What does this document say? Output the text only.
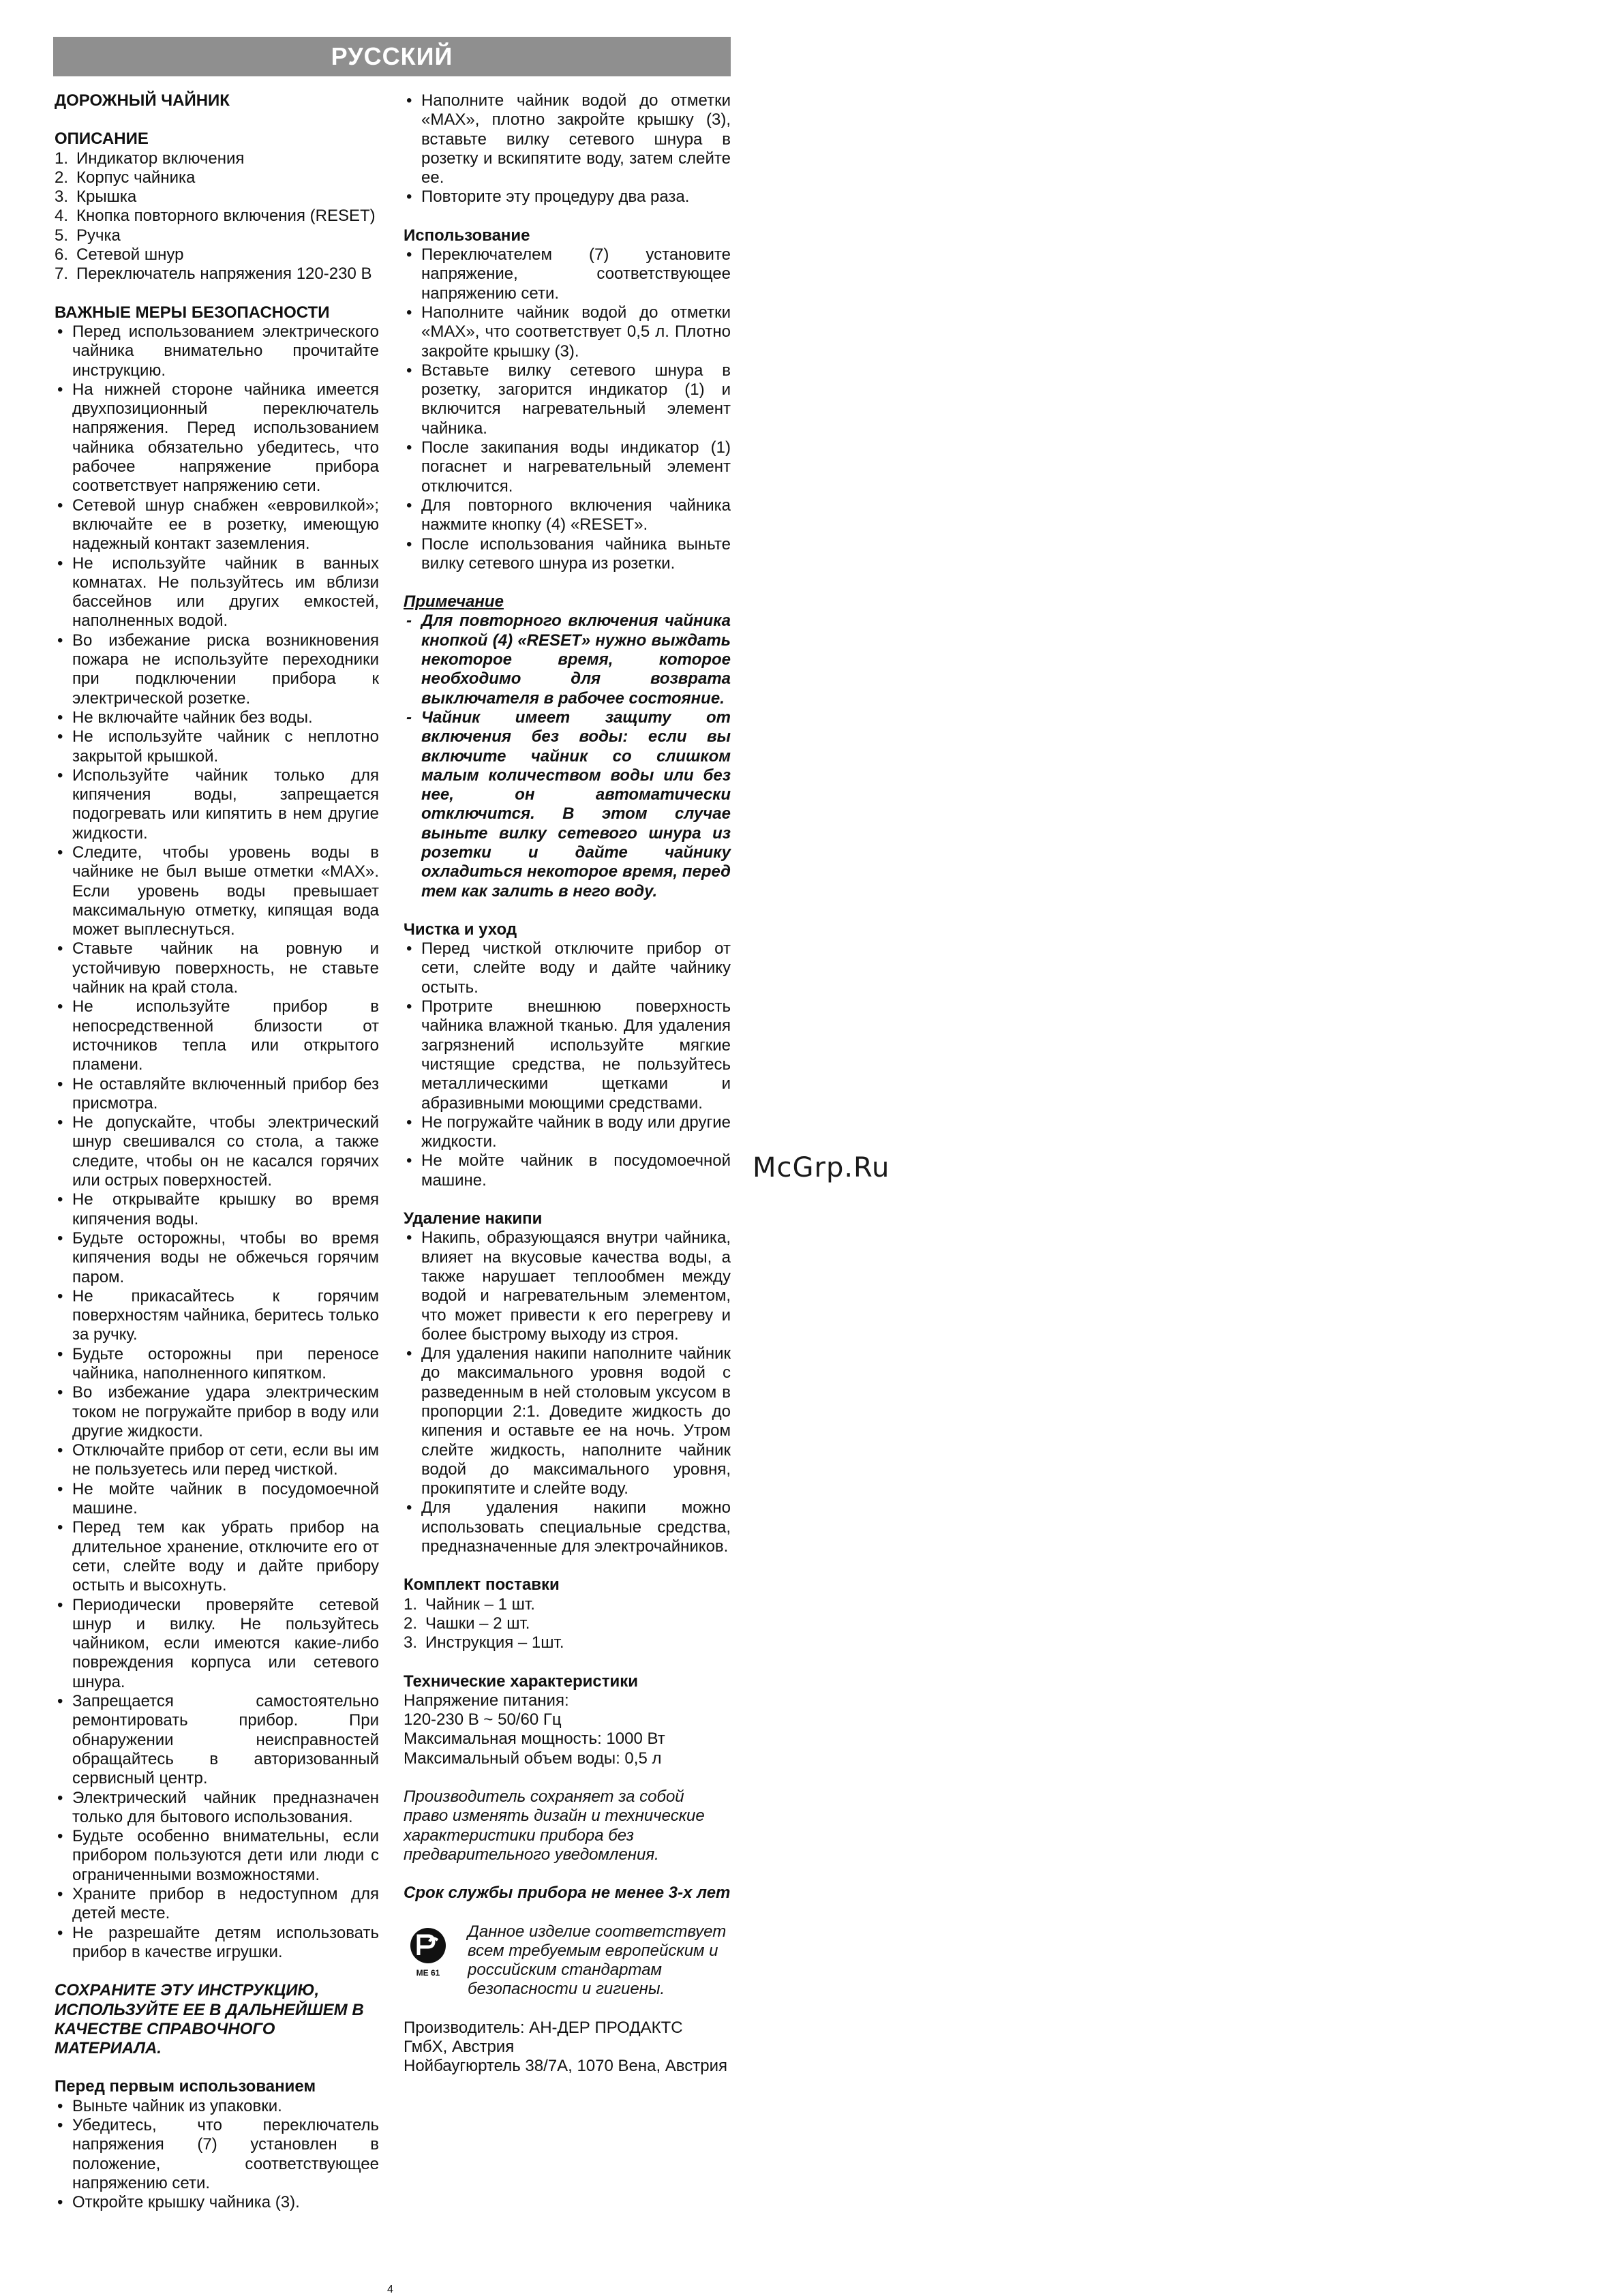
РУССКИЙ
ДОРОЖНЫЙ ЧАЙНИК
ОПИСАНИЕ
1. Индикатор включения
2. Корпус чайника
3. Крышка
4. Кнопка повторного включения (RESET)
5. Ручка
6. Сетевой шнур
7. Переключатель напряжения 120-230 В
ВАЖНЫЕ МЕРЫ БЕЗОПАСНОСТИ
• Перед использованием электрического чайника внимательно прочитайте инструкцию.
• На нижней стороне чайника имеется двухпозиционный переключатель напряжения. Перед использованием чайника обязательно убедитесь, что рабочее напряжение прибора соответствует напряжению сети.
• Сетевой шнур снабжен «евровилкой»; включайте ее в розетку, имеющую надежный контакт заземления.
• Не используйте чайник в ванных комнатах. Не пользуйтесь им вблизи бассейнов или других емкостей, наполненных водой.
• Во избежание риска возникновения пожара не используйте переходники при подключении прибора к электрической розетке.
• Не включайте чайник без воды.
• Не используйте чайник с неплотно закрытой крышкой.
• Используйте чайник только для кипячения воды, запрещается подогревать или кипятить в нем другие жидкости.
• Следите, чтобы уровень воды в чайнике не был выше отметки «MAX». Если уровень воды превышает максимальную отметку, кипящая вода может выплеснуться.
• Ставьте чайник на ровную и устойчивую поверхность, не ставьте чайник на край стола.
• Не используйте прибор в непосредственной близости от источников тепла или открытого пламени.
• Не оставляйте включенный прибор без присмотра.
• Не допускайте, чтобы электрический шнур свешивался со стола, а также следите, чтобы он не касался горячих или острых поверхностей.
• Не открывайте крышку во время кипячения воды.
• Будьте осторожны, чтобы во время кипячения воды не обжечься горячим паром.
• Не прикасайтесь к горячим поверхностям чайника, беритесь только за ручку.
• Будьте осторожны при переносе чайника, наполненного кипятком.
• Во избежание удара электрическим током не погружайте прибор в воду или другие жидкости.
• Отключайте прибор от сети, если вы им не пользуетесь или перед чисткой.
• Не мойте чайник в посудомоечной машине.
• Перед тем как убрать прибор на длительное хранение, отключите его от сети, слейте воду и дайте прибору остыть и высохнуть.
• Периодически проверяйте сетевой шнур и вилку. Не пользуйтесь чайником, если имеются какие-либо повреждения корпуса или сетевого шнура.
• Запрещается самостоятельно ремонтировать прибор. При обнаружении неисправностей обращайтесь в авторизованный сервисный центр.
• Электрический чайник предназначен только для бытового использования.
• Будьте особенно внимательны, если прибором пользуются дети или люди с ограниченными возможностями.
• Храните прибор в недоступном для детей месте.
• Не разрешайте детям использовать прибор в качестве игрушки.
СОХРАНИТЕ ЭТУ ИНСТРУКЦИЮ, ИСПОЛЬЗУЙТЕ ЕЕ В ДАЛЬНЕЙШЕМ В КАЧЕСТВЕ СПРАВОЧНОГО МАТЕРИАЛА.
Перед первым использованием
• Выньте чайник из упаковки.
• Убедитесь, что переключатель напряжения (7) установлен в положение, соответствующее напряжению сети.
• Откройте крышку чайника (3).
• Наполните чайник водой до отметки «MAX», плотно закройте крышку (3), вставьте вилку сетевого шнура в розетку и вскипятите воду, затем слейте ее.
• Повторите эту процедуру два раза.
Использование
• Переключателем (7) установите напряжение, соответствующее напряжению сети.
• Наполните чайник водой до отметки «MAX», что соответствует 0,5 л. Плотно закройте крышку (3).
• Вставьте вилку сетевого шнура в розетку, загорится индикатор (1) и включится нагревательный элемент чайника.
• После закипания воды индикатор (1) погаснет и нагревательный элемент отключится.
• Для повторного включения чайника нажмите кнопку (4) «RESET».
• После использования чайника выньте вилку сетевого шнура из розетки.
Примечание
- Для повторного включения чайника кнопкой (4) «RESET» нужно выждать некоторое время, которое необходимо для возврата выключателя в рабочее состояние.
- Чайник имеет защиту от включения без воды: если вы включите чайник со слишком малым количеством воды или без нее, он автоматически отключится. В этом случае выньте вилку сетевого шнура из розетки и дайте чайнику охладиться некоторое время, перед тем как залить в него воду.
Чистка и уход
• Перед чисткой отключите прибор от сети, слейте воду и дайте чайнику остыть.
• Протрите внешнюю поверхность чайника влажной тканью. Для удаления загрязнений используйте мягкие чистящие средства, не пользуйтесь металлическими щетками и абразивными моющими средствами.
• Не погружайте чайник в воду или другие жидкости.
• Не мойте чайник в посудомоечной машине.
Удаление накипи
• Накипь, образующаяся внутри чайника, влияет на вкусовые качества воды, а также нарушает теплообмен между водой и нагревательным элементом, что может привести к его перегреву и более быстрому выходу из строя.
• Для удаления накипи наполните чайник до максимального уровня водой с разведенным в ней столовым уксусом в пропорции 2:1. Доведите жидкость до кипения и оставьте ее на ночь. Утром слейте жидкость, наполните чайник водой до максимального уровня, прокипятите и слейте воду.
• Для удаления накипи можно использовать специальные средства, предназначенные для электрочайников.
Комплект поставки
1. Чайник – 1 шт.
2. Чашки – 2 шт.
3. Инструкция – 1шт.
Технические характеристики
Напряжение питания:
120-230 В ~ 50/60 Гц
Максимальная мощность: 1000 Вт
Максимальный объем воды: 0,5 л
Производитель сохраняет за собой право изменять дизайн и технические характеристики прибора без предварительного уведомления.
Срок службы прибора не менее 3-х лет
МЕ 61
Данное изделие соответствует всем требуемым европейским и российским стандартам безопасности и гигиены.
Производитель: АН-ДЕР ПРОДАКТС ГмбХ, Австрия
Нойбаугюртель 38/7А, 1070 Вена, Австрия
McGrp.Ru
4
